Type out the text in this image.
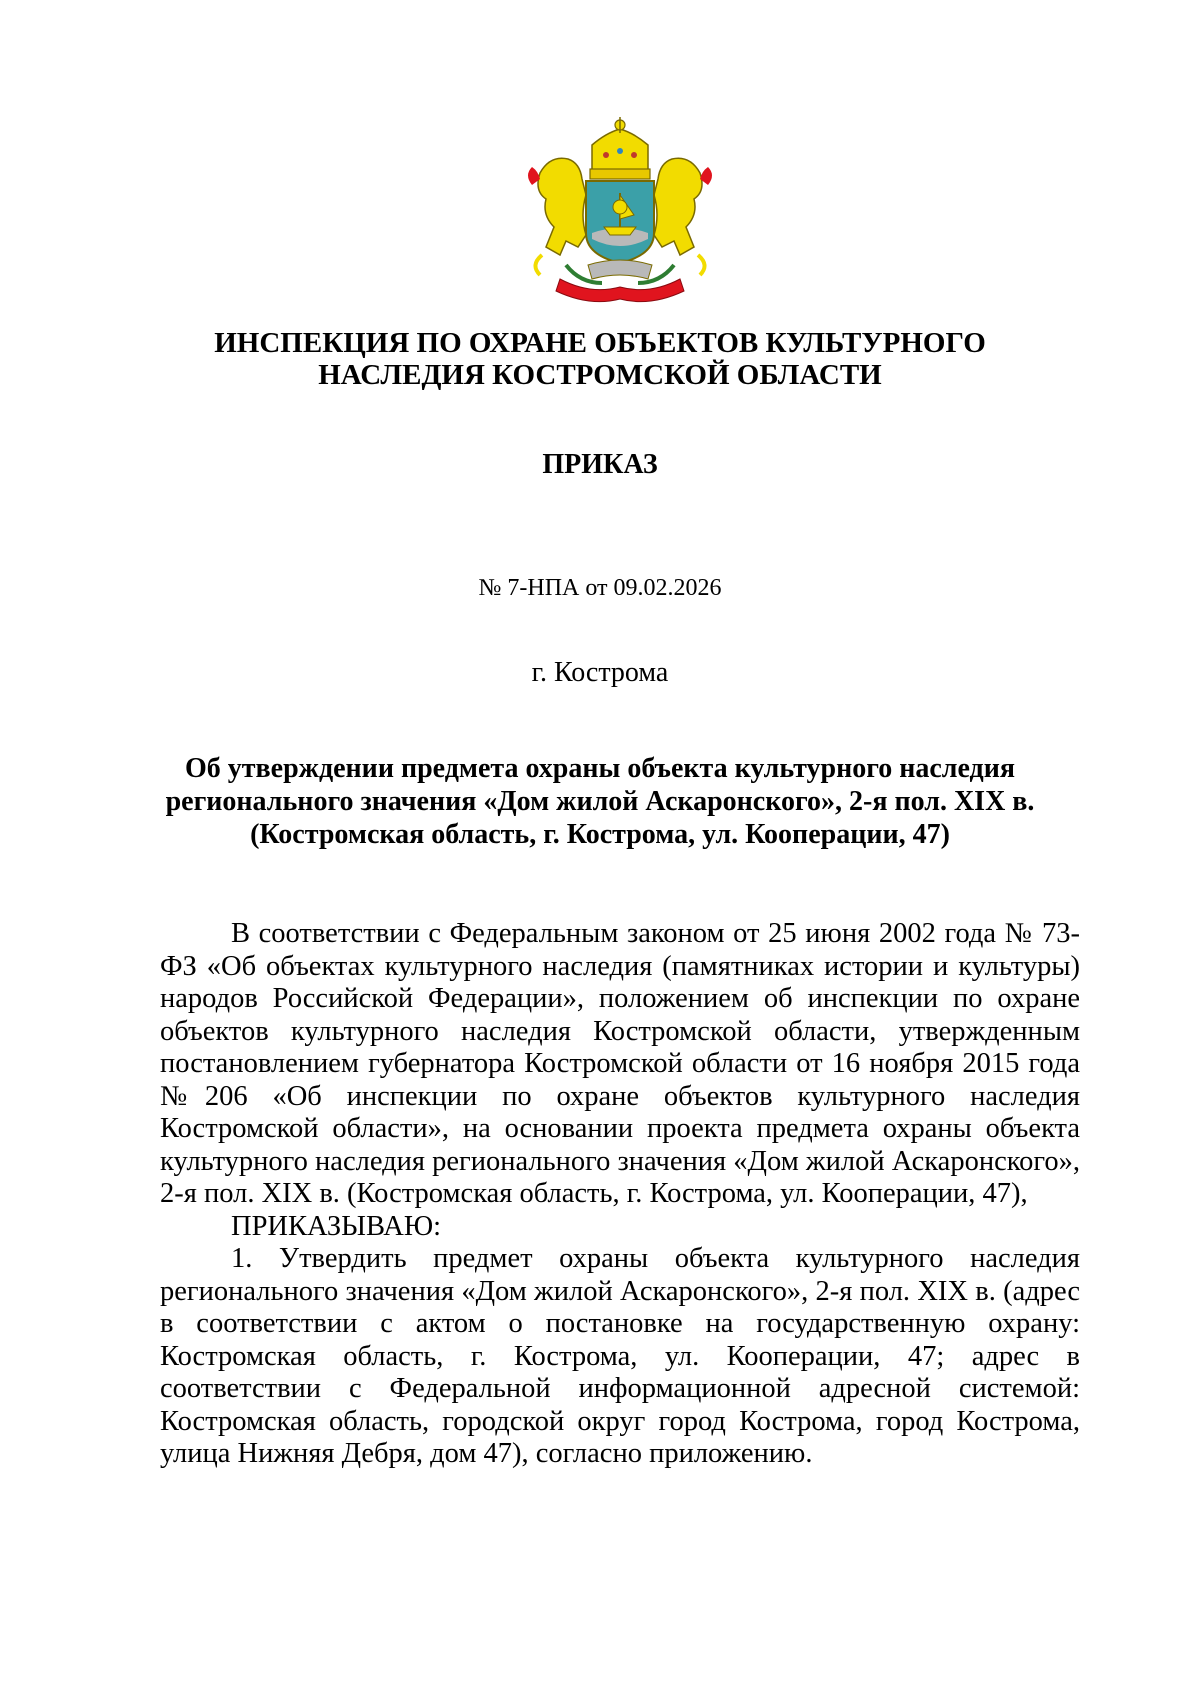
ИНСПЕКЦИЯ ПО ОХРАНЕ ОБЪЕКТОВ КУЛЬТУРНОГО НАСЛЕДИЯ КОСТРОМСКОЙ ОБЛАСТИ
ПРИКАЗ
№ 7-НПА от 09.02.2026
г. Кострома
Об утверждении предмета охраны объекта культурного наследия регионального значения «Дом жилой Аскаронского», 2-я пол. XIX в. (Костромская область, г. Кострома, ул. Кооперации, 47)

В соответствии с Федеральным законом от 25 июня 2002 года № 73-ФЗ «Об объектах культурного наследия (памятниках истории и культуры) народов Российской Федерации», положением об инспекции по охране объектов культурного наследия Костромской области, утвержденным постановлением губернатора Костромской области от 16 ноября 2015 года №206 «Об инспекции по охране объектов культурного наследия Костромской области», на основании проекта предмета охраны объекта культурного наследия регионального значения «Дом жилой Аскаронского», 2-я пол. XIX в. (Костромская область, г. Кострома, ул. Кооперации, 47),

ПРИКАЗЫВАЮ:

1. Утвердить предмет охраны объекта культурного наследия регионального значения «Дом жилой Аскаронского», 2-я пол. XIX в. (адрес в соответствии с актом о постановке на государственную охрану: Костромская область, г. Кострома, ул. Кооперации, 47; адрес в соответствии с Федеральной информационной адресной системой: Костромская область, городской округ город Кострома, город Кострома, улица Нижняя Дебря, дом 47), согласно приложению.
